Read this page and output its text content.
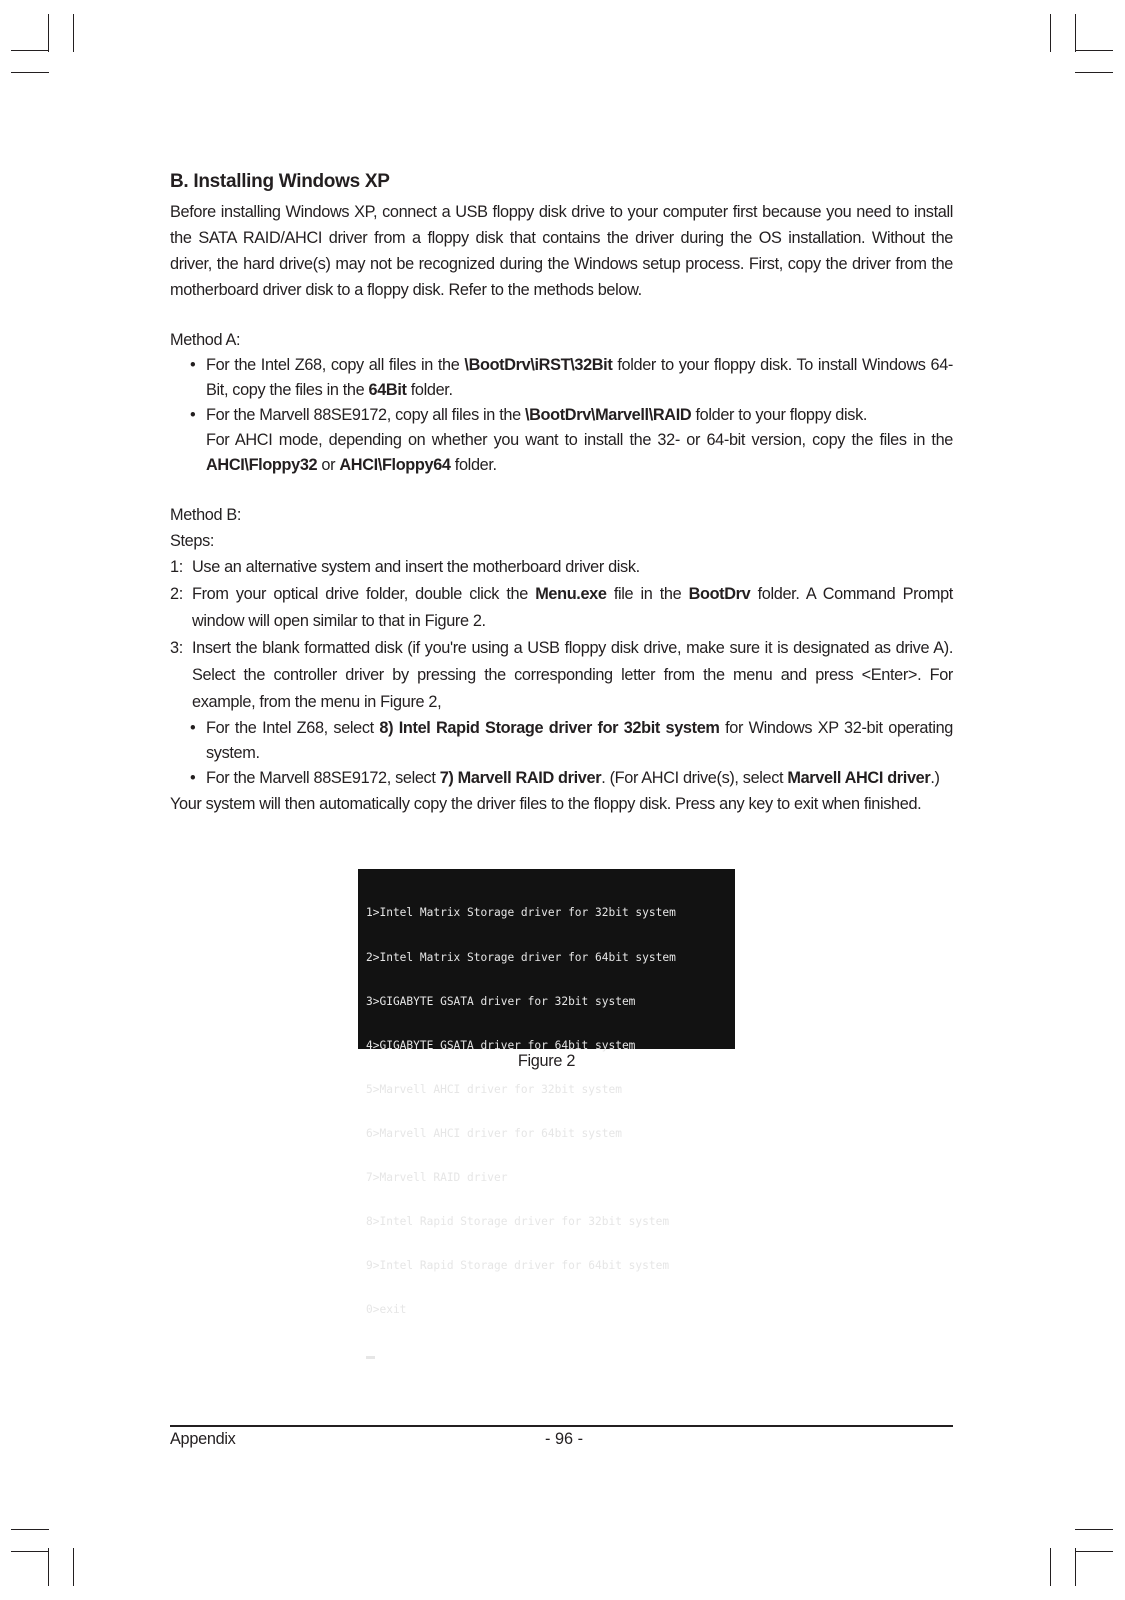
B. Installing Windows XP

Before installing Windows XP, connect a USB floppy disk drive to your computer first because you need to install the SATA RAID/AHCI driver from a floppy disk that contains the driver during the OS installation. Without the driver, the hard drive(s) may not be recognized during the Windows setup process. First, copy the driver from the motherboard driver disk to a floppy disk. Refer to the methods below.

Method A:

• For the Intel Z68, copy all files in the \BootDrv\iRST\32Bit folder to your floppy disk. To install Windows 64-Bit, copy the files in the 64Bit folder.

• For the Marvell 88SE9172, copy all files in the \BootDrv\Marvell\RAID folder to your floppy disk.

For AHCI mode, depending on whether you want to install the 32- or 64-bit version, copy the files in the AHCI\Floppy32 or AHCI\Floppy64 folder.

Method B:

Steps:

1: Use an alternative system and insert the motherboard driver disk.

2: From your optical drive folder, double click the Menu.exe file in the BootDrv folder. A Command Prompt window will open similar to that in Figure 2.

3: Insert the blank formatted disk (if you're using a USB floppy disk drive, make sure it is designated as drive A). Select the controller driver by pressing the corresponding letter from the menu and press <Enter>. For example, from the menu in Figure 2,

• For the Intel Z68, select 8) Intel Rapid Storage driver for 32bit system for Windows XP 32-bit operating system.

• For the Marvell 88SE9172, select 7) Marvell RAID driver. (For AHCI drive(s), select Marvell AHCI driver.)

Your system will then automatically copy the driver files to the floppy disk. Press any key to exit when finished.

1>Intel Matrix Storage driver for 32bit system

2>Intel Matrix Storage driver for 64bit system

3>GIGABYTE GSATA driver for 32bit system

4>GIGABYTE GSATA driver for 64bit system

5>Marvell AHCI driver for 32bit system

6>Marvell AHCI driver for 64bit system

7>Marvell RAID driver

8>Intel Rapid Storage driver for 32bit system

9>Intel Rapid Storage driver for 64bit system

0>exit

Figure 2
Appendix	- 96 -
